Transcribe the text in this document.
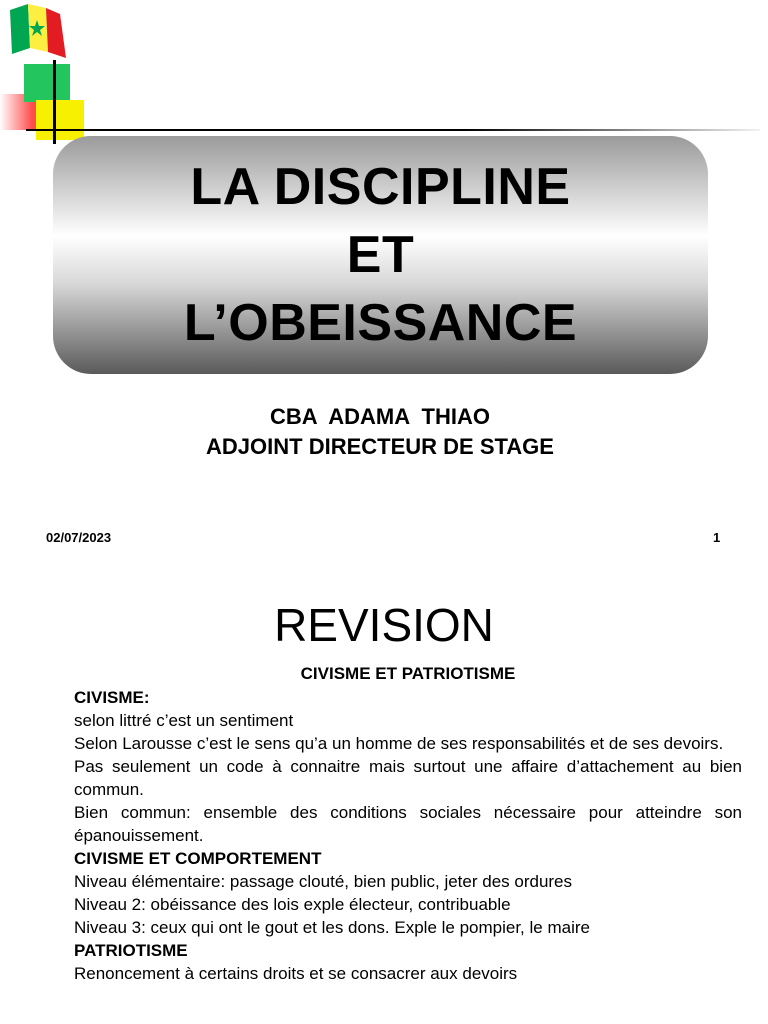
LA DISCIPLINE
ET
L’OBEISSANCE
CBA  ADAMA  THIAO
ADJOINT DIRECTEUR DE STAGE
02/07/2023	1
REVISION
CIVISME ET PATRIOTISME

CIVISME:

selon littré c’est un sentiment

Selon Larousse c’est le sens qu’a un homme de ses responsabilités et de ses devoirs.

Pas seulement un code à connaitre mais surtout une affaire d’attachement au bien commun.

Bien commun: ensemble des conditions sociales nécessaire pour atteindre son épanouissement.

CIVISME ET COMPORTEMENT

Niveau élémentaire: passage clouté, bien public, jeter des ordures

Niveau 2: obéissance des lois exple électeur, contribuable

Niveau 3: ceux qui ont le gout et les dons. Exple le pompier, le maire

PATRIOTISME

Renoncement à certains droits et se consacrer aux devoirs
